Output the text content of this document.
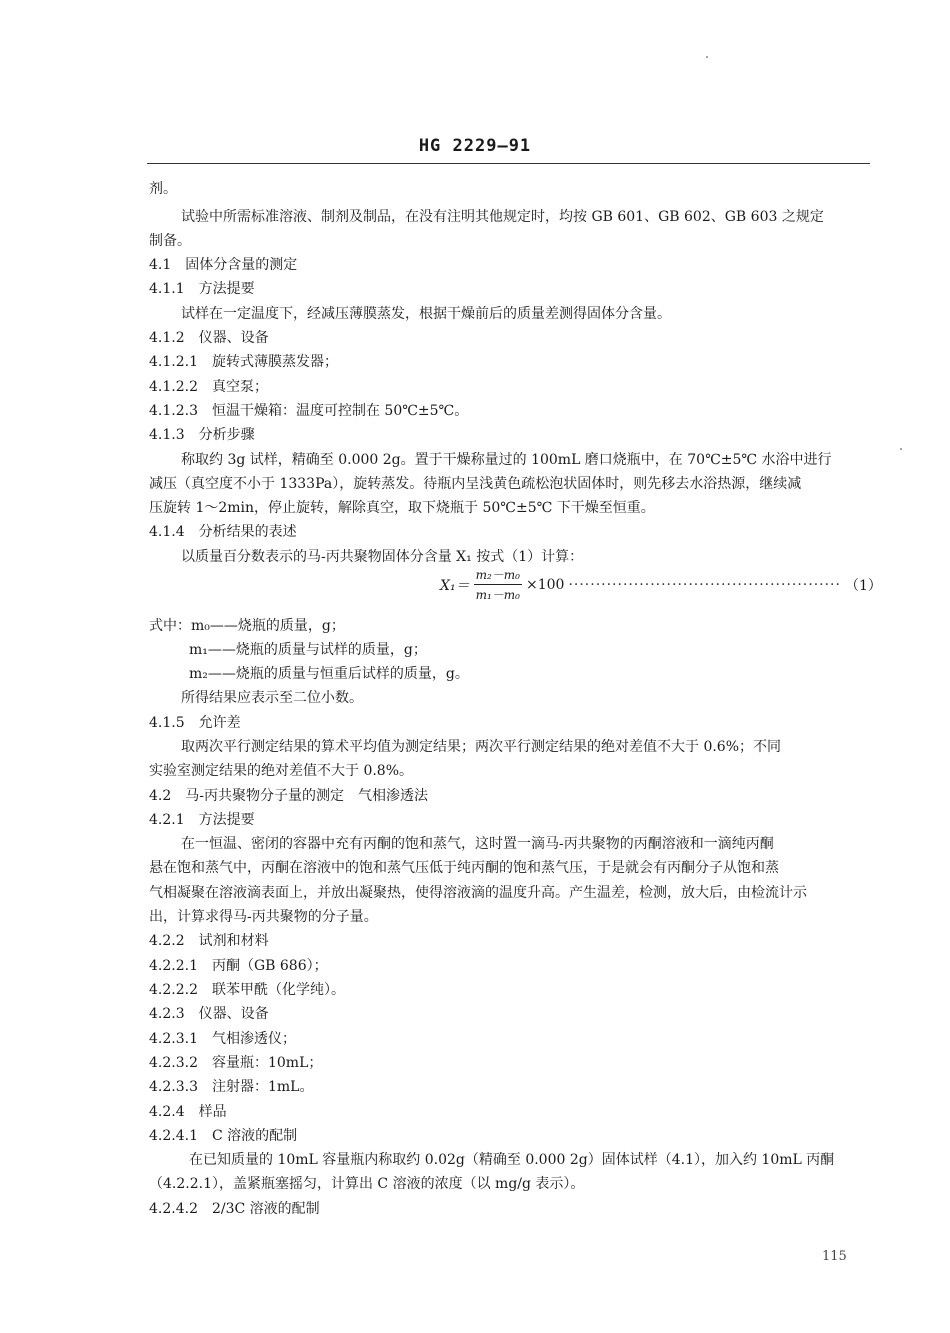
HG 2229—91
剂。
试验中所需标准溶液、制剂及制品，在没有注明其他规定时，均按 GB 601、GB 602、GB 603 之规定
制备。
4.1　固体分含量的测定
4.1.1　方法提要
试样在一定温度下，经减压薄膜蒸发，根据干燥前后的质量差测得固体分含量。
4.1.2　仪器、设备
4.1.2.1　旋转式薄膜蒸发器；
4.1.2.2　真空泵；
4.1.2.3　恒温干燥箱：温度可控制在 50℃±5℃。
4.1.3　分析步骤
称取约 3g 试样，精确至 0.000 2g。置于干燥称量过的 100mL 磨口烧瓶中，在 70℃±5℃ 水浴中进行
减压（真空度不小于 1333Pa），旋转蒸发。待瓶内呈浅黄色疏松泡状固体时，则先移去水浴热源，继续减
压旋转 1～2min，停止旋转，解除真空，取下烧瓶于 50℃±5℃ 下干燥至恒重。
4.1.4　分析结果的表述
以质量百分数表示的马-丙共聚物固体分含量 X₁ 按式（1）计算：
$X_1= \frac{\text{m₂－m₀}}{\text{m₁－m₀}} \times 100$ ·················································· （1）
式中：m₀——烧瓶的质量，g；
m₁——烧瓶的质量与试样的质量，g；
m₂——烧瓶的质量与恒重后试样的质量，g。
所得结果应表示至二位小数。
4.1.5　允许差
取两次平行测定结果的算术平均值为测定结果；两次平行测定结果的绝对差值不大于 0.6%；不同
实验室测定结果的绝对差值不大于 0.8%。
4.2　马-丙共聚物分子量的测定　气相渗透法
4.2.1　方法提要
在一恒温、密闭的容器中充有丙酮的饱和蒸气，这时置一滴马-丙共聚物的丙酮溶液和一滴纯丙酮
悬在饱和蒸气中，丙酮在溶液中的饱和蒸气压低于纯丙酮的饱和蒸气压，于是就会有丙酮分子从饱和蒸
气相凝聚在溶液滴表面上，并放出凝聚热，使得溶液滴的温度升高。产生温差，检测，放大后，由检流计示
出，计算求得马-丙共聚物的分子量。
4.2.2　试剂和材料
4.2.2.1　丙酮（GB 686）；
4.2.2.2　联苯甲酰（化学纯）。
4.2.3　仪器、设备
4.2.3.1　气相渗透仪；
4.2.3.2　容量瓶：10mL；
4.2.3.3　注射器：1mL。
4.2.4　样品
4.2.4.1　C 溶液的配制
在已知质量的 10mL 容量瓶内称取约 0.02g（精确至 0.000 2g）固体试样（4.1），加入约 10mL 丙酮
（4.2.2.1），盖紧瓶塞摇匀，计算出 C 溶液的浓度（以 mg/g 表示）。
4.2.4.2　2/3C 溶液的配制
115
